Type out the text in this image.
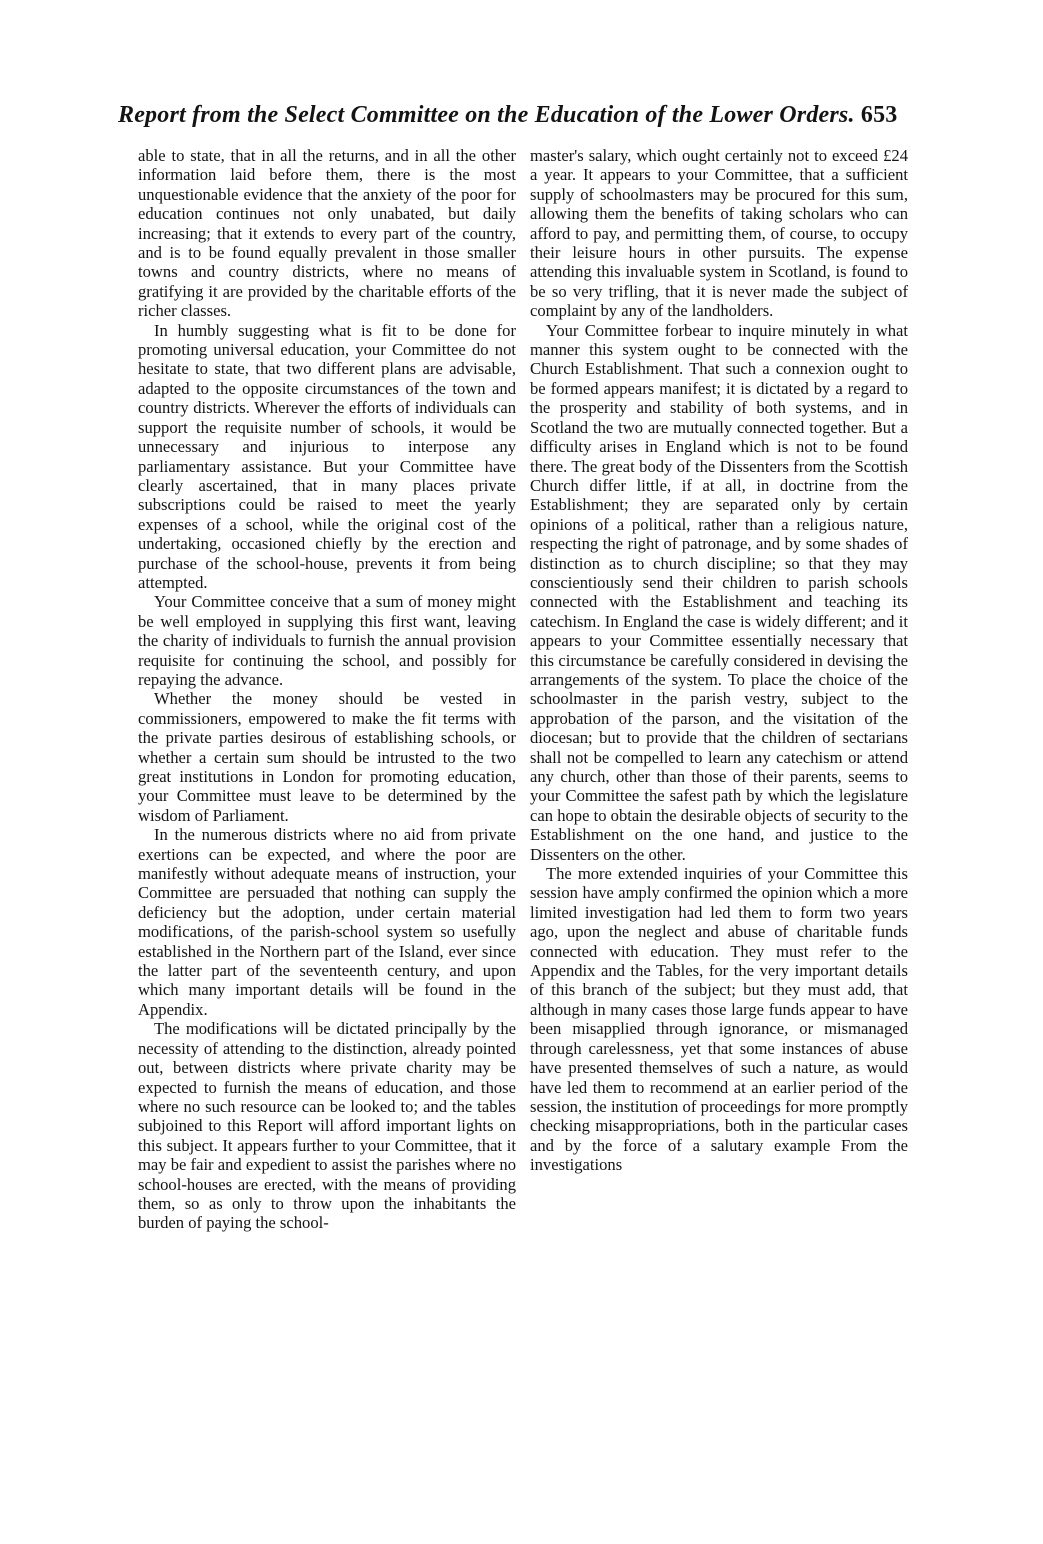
Report from the Select Committee on the Education of the Lower Orders. 653

able to state, that in all the returns, and in all the other information laid before them, there is the most unquestionable evidence that the anxiety of the poor for education continues not only unabated, but daily increasing; that it extends to every part of the country, and is to be found equally prevalent in those smaller towns and country districts, where no means of gratifying it are provided by the charitable efforts of the richer classes.

In humbly suggesting what is fit to be done for promoting universal education, your Committee do not hesitate to state, that two different plans are advisable, adapted to the opposite circumstances of the town and country districts. Wherever the efforts of individuals can support the requisite number of schools, it would be unnecessary and injurious to interpose any parliamentary assistance. But your Committee have clearly ascertained, that in many places private subscriptions could be raised to meet the yearly expenses of a school, while the original cost of the undertaking, occasioned chiefly by the erection and purchase of the school-house, prevents it from being attempted.

Your Committee conceive that a sum of money might be well employed in supplying this first want, leaving the charity of individuals to furnish the annual provision requisite for continuing the school, and possibly for repaying the advance.

Whether the money should be vested in commissioners, empowered to make the fit terms with the private parties desirous of establishing schools, or whether a certain sum should be intrusted to the two great institutions in London for promoting education, your Committee must leave to be determined by the wisdom of Parliament.

In the numerous districts where no aid from private exertions can be expected, and where the poor are manifestly without adequate means of instruction, your Committee are persuaded that nothing can supply the deficiency but the adoption, under certain material modifications, of the parish-school system so usefully established in the Northern part of the Island, ever since the latter part of the seventeenth century, and upon which many important details will be found in the Appendix.

The modifications will be dictated principally by the necessity of attending to the distinction, already pointed out, between districts where private charity may be expected to furnish the means of education, and those where no such resource can be looked to; and the tables subjoined to this Report will afford important lights on this subject. It appears further to your Committee, that it may be fair and expedient to assist the parishes where no school-houses are erected, with the means of providing them, so as only to throw upon the inhabitants the burden of paying the school-

master's salary, which ought certainly not to exceed £24 a year. It appears to your Committee, that a sufficient supply of schoolmasters may be procured for this sum, allowing them the benefits of taking scholars who can afford to pay, and permitting them, of course, to occupy their leisure hours in other pursuits. The expense attending this invaluable system in Scotland, is found to be so very trifling, that it is never made the subject of complaint by any of the landholders.

Your Committee forbear to inquire minutely in what manner this system ought to be connected with the Church Establishment. That such a connexion ought to be formed appears manifest; it is dictated by a regard to the prosperity and stability of both systems, and in Scotland the two are mutually connected together. But a difficulty arises in England which is not to be found there. The great body of the Dissenters from the Scottish Church differ little, if at all, in doctrine from the Establishment; they are separated only by certain opinions of a political, rather than a religious nature, respecting the right of patronage, and by some shades of distinction as to church discipline; so that they may conscientiously send their children to parish schools connected with the Establishment and teaching its catechism. In England the case is widely different; and it appears to your Committee essentially necessary that this circumstance be carefully considered in devising the arrangements of the system. To place the choice of the schoolmaster in the parish vestry, subject to the approbation of the parson, and the visitation of the diocesan; but to provide that the children of sectarians shall not be compelled to learn any catechism or attend any church, other than those of their parents, seems to your Committee the safest path by which the legislature can hope to obtain the desirable objects of security to the Establishment on the one hand, and justice to the Dissenters on the other.

The more extended inquiries of your Committee this session have amply confirmed the opinion which a more limited investigation had led them to form two years ago, upon the neglect and abuse of charitable funds connected with education. They must refer to the Appendix and the Tables, for the very important details of this branch of the subject; but they must add, that although in many cases those large funds appear to have been misapplied through ignorance, or mismanaged through carelessness, yet that some instances of abuse have presented themselves of such a nature, as would have led them to recommend at an earlier period of the session, the institution of proceedings for more promptly checking misappropriations, both in the particular cases and by the force of a salutary example From the investigations
